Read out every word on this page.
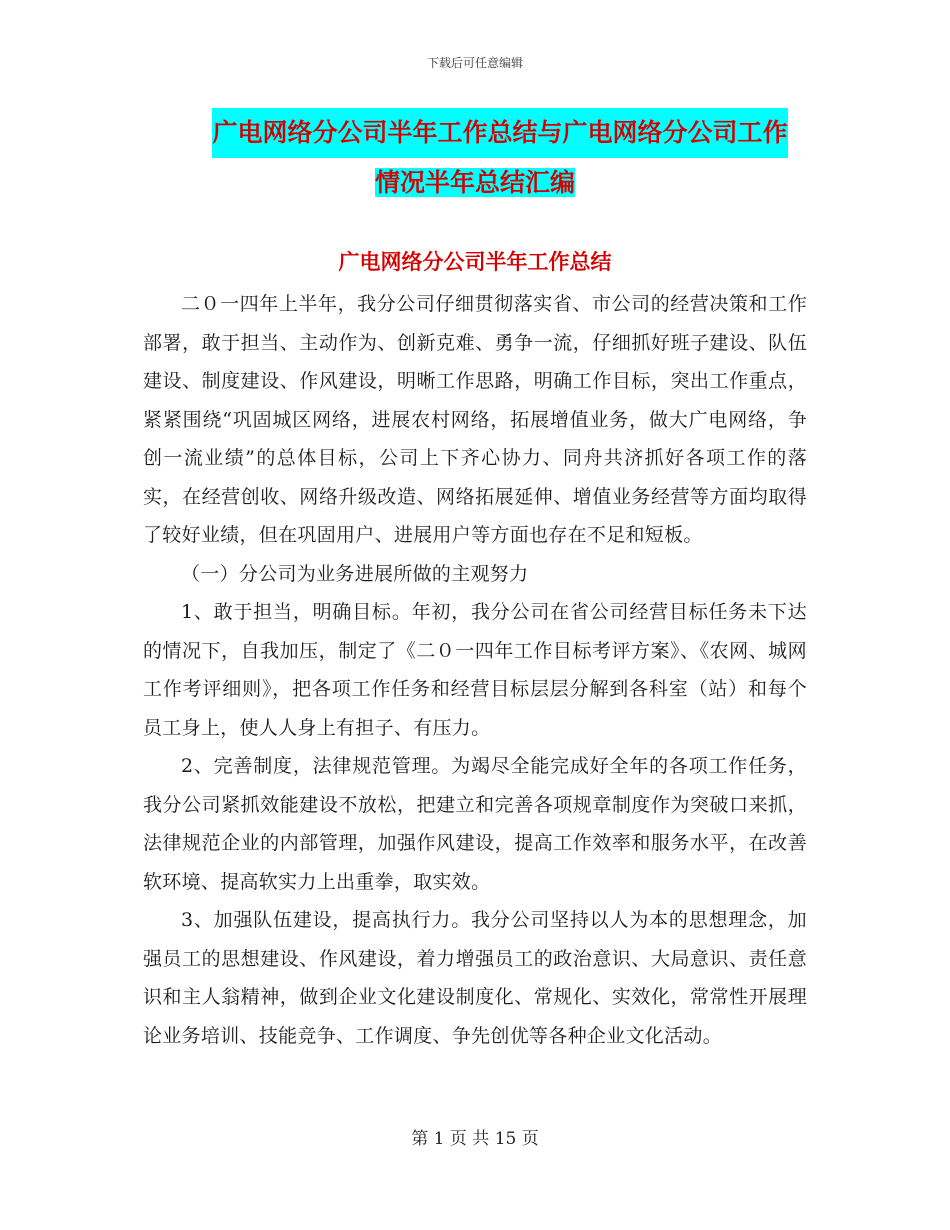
下载后可任意编辑
广电网络分公司半年工作总结与广电网络分公司工作
情况半年总结汇编
广电网络分公司半年工作总结

二０一四年上半年，我分公司仔细贯彻落实省、市公司的经营决策和工作部署，敢于担当、主动作为、创新克难、勇争一流，仔细抓好班子建设、队伍建设、制度建设、作风建设，明晰工作思路，明确工作目标，突出工作重点，紧紧围绕“巩固城区网络，进展农村网络，拓展增值业务，做大广电网络，争创一流业绩”的总体目标，公司上下齐心协力、同舟共济抓好各项工作的落实，在经营创收、网络升级改造、网络拓展延伸、增值业务经营等方面均取得了较好业绩，但在巩固用户、进展用户等方面也存在不足和短板。

（一）分公司为业务进展所做的主观努力

1、敢于担当，明确目标。年初，我分公司在省公司经营目标任务未下达的情况下，自我加压，制定了《二０一四年工作目标考评方案》、《农网、城网工作考评细则》，把各项工作任务和经营目标层层分解到各科室（站）和每个员工身上，使人人身上有担子、有压力。

2、完善制度，法律规范管理。为竭尽全能完成好全年的各项工作任务，我分公司紧抓效能建设不放松，把建立和完善各项规章制度作为突破口来抓，法律规范企业的内部管理，加强作风建设，提高工作效率和服务水平，在改善软环境、提高软实力上出重拳，取实效。

3、加强队伍建设，提高执行力。我分公司坚持以人为本的思想理念，加强员工的思想建设、作风建设，着力增强员工的政治意识、大局意识、责任意识和主人翁精神，做到企业文化建设制度化、常规化、实效化，常常性开展理论业务培训、技能竞争、工作调度、争先创优等各种企业文化活动。

第 1 页 共 15 页
